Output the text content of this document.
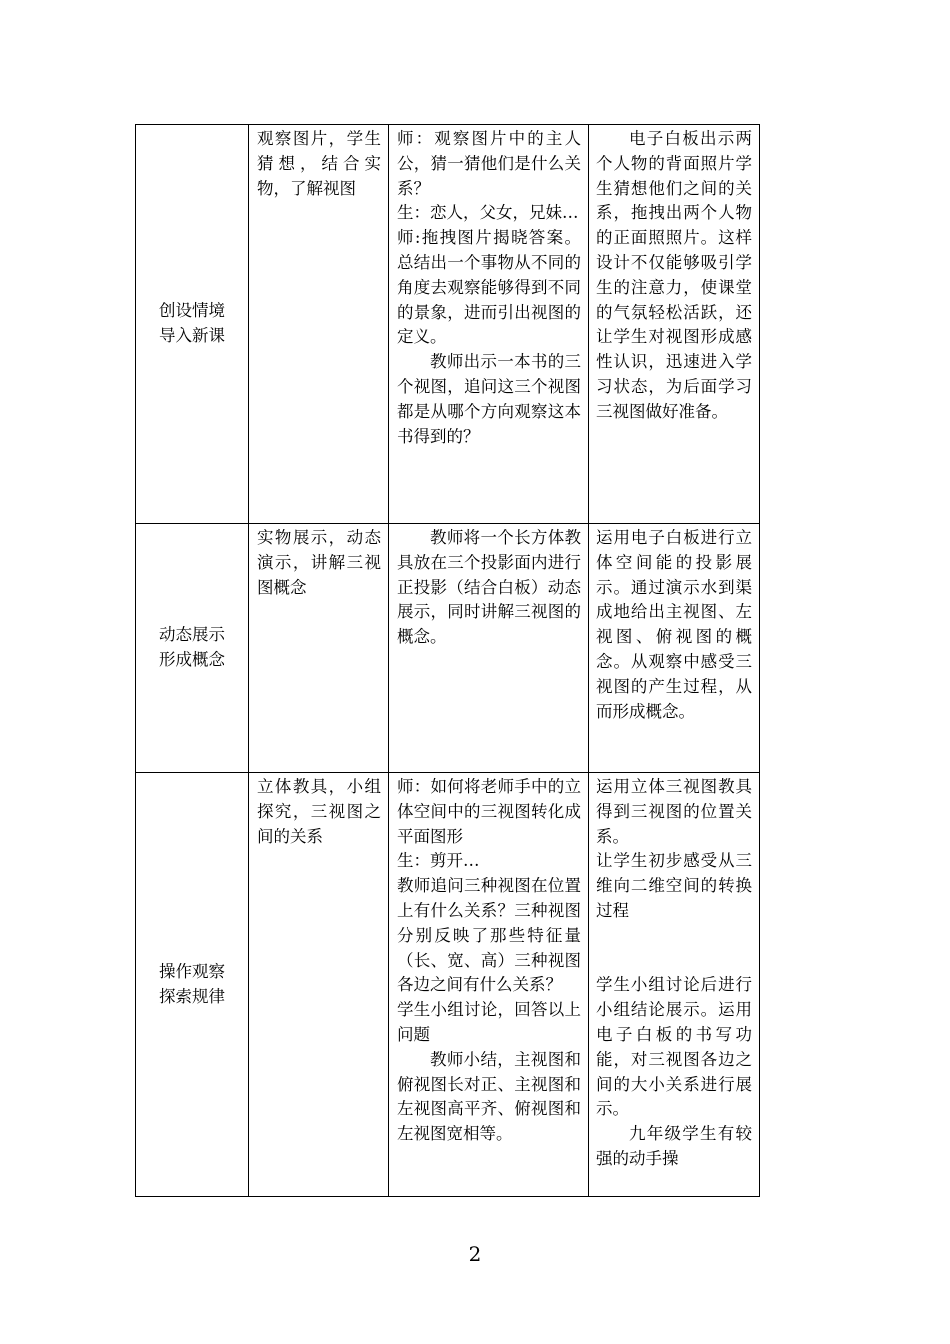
创设情境
导入新课	观察图片，学生猜想，结合实物，了解视图	师：观察图片中的主人公，猜一猜他们是什么关系？
生：恋人，父女，兄妹…
师:拖拽图片揭晓答案。总结出一个事物从不同的角度去观察能够得到不同的景象，进而引出视图的定义。
教师出示一本书的三个视图，追问这三个视图都是从哪个方向观察这本书得到的？	电子白板出示两个人物的背面照片学生猜想他们之间的关系，拖拽出两个人物的正面照照片。这样设计不仅能够吸引学生的注意力，使课堂的气氛轻松活跃，还让学生对视图形成感性认识，迅速进入学习状态，为后面学习三视图做好准备。

动态展示
形成概念	实物展示，动态演示，讲解三视图概念	教师将一个长方体教具放在三个投影面内进行正投影（结合白板）动态展示，同时讲解三视图的概念。	运用电子白板进行立体空间能的投影展示。通过演示水到渠成地给出主视图、左视图、俯视图的概念。从观察中感受三视图的产生过程，从而形成概念。

操作观察
探索规律	立体教具，小组探究，三视图之间的关系	师：如何将老师手中的立体空间中的三视图转化成平面图形
生：剪开…
教师追问三种视图在位置上有什么关系？三种视图分别反映了那些特征量（长、宽、高）三种视图各边之间有什么关系？
学生小组讨论，回答以上问题
教师小结，主视图和俯视图长对正、主视图和左视图高平齐、俯视图和左视图宽相等。	运用立体三视图教具得到三视图的位置关系。
让学生初步感受从三维向二维空间的转换过程
学生小组讨论后进行小组结论展示。运用电子白板的书写功能，对三视图各边之间的大小关系进行展示。
九年级学生有较强的动手操
2
